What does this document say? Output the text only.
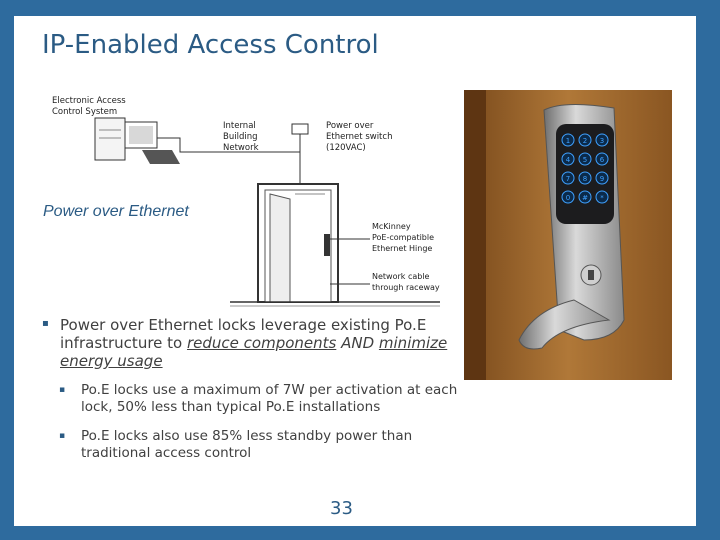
IP-Enabled Access Control
Electronic Access
Control System
Internal
Building
Network
Power over
Ethernet switch
(120VAC)
McKinney
PoE-compatible
Ethernet Hinge
Network cable
through raceway
Power over Ethernet
1 2 3
4 5 6
7 8 9
0 # *
▪ Power over Ethernet locks leverage existing Po.E infrastructure to reduce components AND minimize energy usage
▪ Po.E locks use a maximum of 7W per activation at each lock, 50% less than typical Po.E installations
▪ Po.E locks also use 85% less standby power than traditional access control
33
